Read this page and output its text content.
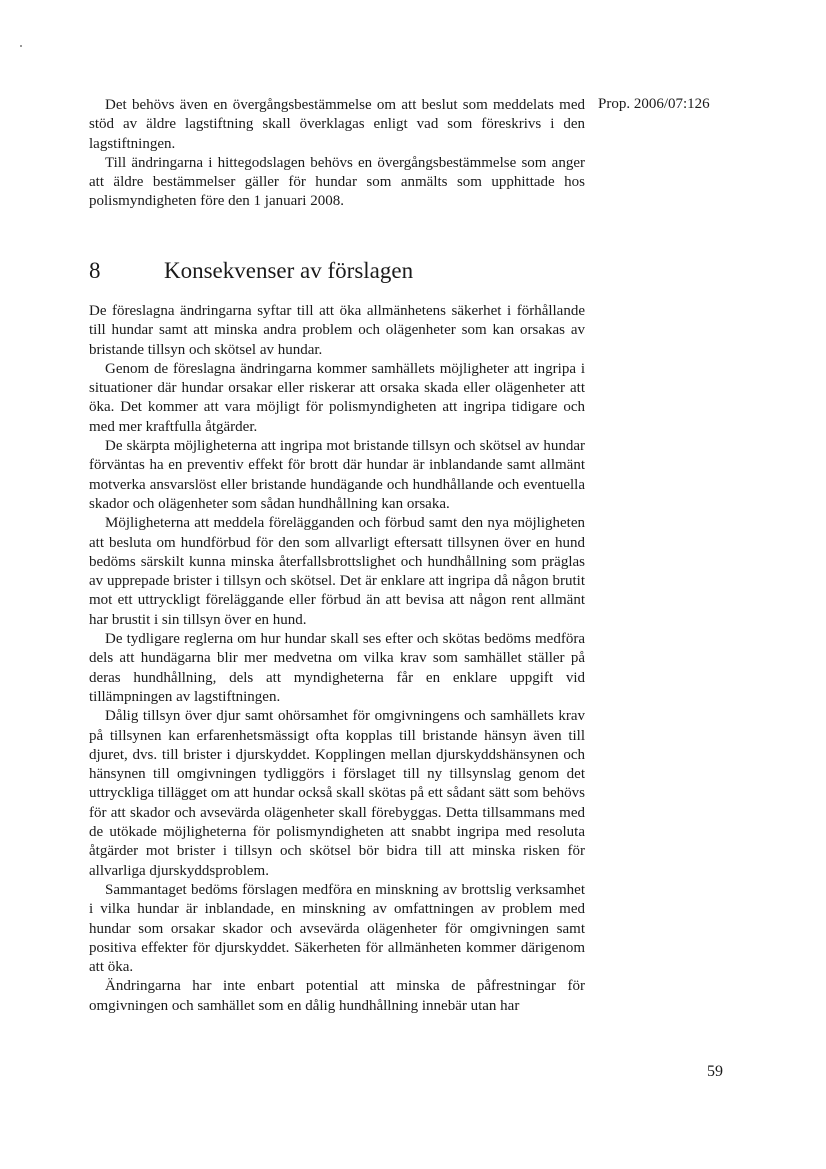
Prop. 2006/07:126

Det behövs även en övergångsbestämmelse om att beslut som meddelats med stöd av äldre lagstiftning skall överklagas enligt vad som föreskrivs i den lagstiftningen.

Till ändringarna i hittegodslagen behövs en övergångsbestämmelse som anger att äldre bestämmelser gäller för hundar som anmälts som upphittade hos polismyndigheten före den 1 januari 2008.

8	Konsekvenser av förslagen

De föreslagna ändringarna syftar till att öka allmänhetens säkerhet i förhållande till hundar samt att minska andra problem och olägenheter som kan orsakas av bristande tillsyn och skötsel av hundar.

Genom de föreslagna ändringarna kommer samhällets möjligheter att ingripa i situationer där hundar orsakar eller riskerar att orsaka skada eller olägenheter att öka. Det kommer att vara möjligt för polismyndigheten att ingripa tidigare och med mer kraftfulla åtgärder.

De skärpta möjligheterna att ingripa mot bristande tillsyn och skötsel av hundar förväntas ha en preventiv effekt för brott där hundar är inblandande samt allmänt motverka ansvarslöst eller bristande hundägande och hundhållande och eventuella skador och olägenheter som sådan hundhållning kan orsaka.

Möjligheterna att meddela förelägganden och förbud samt den nya möjligheten att besluta om hundförbud för den som allvarligt eftersatt tillsynen över en hund bedöms särskilt kunna minska återfallsbrottslighet och hundhållning som präglas av upprepade brister i tillsyn och skötsel. Det är enklare att ingripa då någon brutit mot ett uttryckligt föreläggande eller förbud än att bevisa att någon rent allmänt har brustit i sin tillsyn över en hund.

De tydligare reglerna om hur hundar skall ses efter och skötas bedöms medföra dels att hundägarna blir mer medvetna om vilka krav som samhället ställer på deras hundhållning, dels att myndigheterna får en enklare uppgift vid tillämpningen av lagstiftningen.

Dålig tillsyn över djur samt ohörsamhet för omgivningens och samhällets krav på tillsynen kan erfarenhetsmässigt ofta kopplas till bristande hänsyn även till djuret, dvs. till brister i djurskyddet. Kopplingen mellan djurskyddshänsynen och hänsynen till omgivningen tydliggörs i förslaget till ny tillsynslag genom det uttryckliga tillägget om att hundar också skall skötas på ett sådant sätt som behövs för att skador och avsevärda olägenheter skall förebyggas. Detta tillsammans med de utökade möjligheterna för polismyndigheten att snabbt ingripa med resoluta åtgärder mot brister i tillsyn och skötsel bör bidra till att minska risken för allvarliga djurskyddsproblem.

Sammantaget bedöms förslagen medföra en minskning av brottslig verksamhet i vilka hundar är inblandade, en minskning av omfattningen av problem med hundar som orsakar skador och avsevärda olägenheter för omgivningen samt positiva effekter för djurskyddet. Säkerheten för allmänheten kommer därigenom att öka.

Ändringarna har inte enbart potential att minska de påfrestningar för omgivningen och samhället som en dålig hundhållning innebär utan har

59
